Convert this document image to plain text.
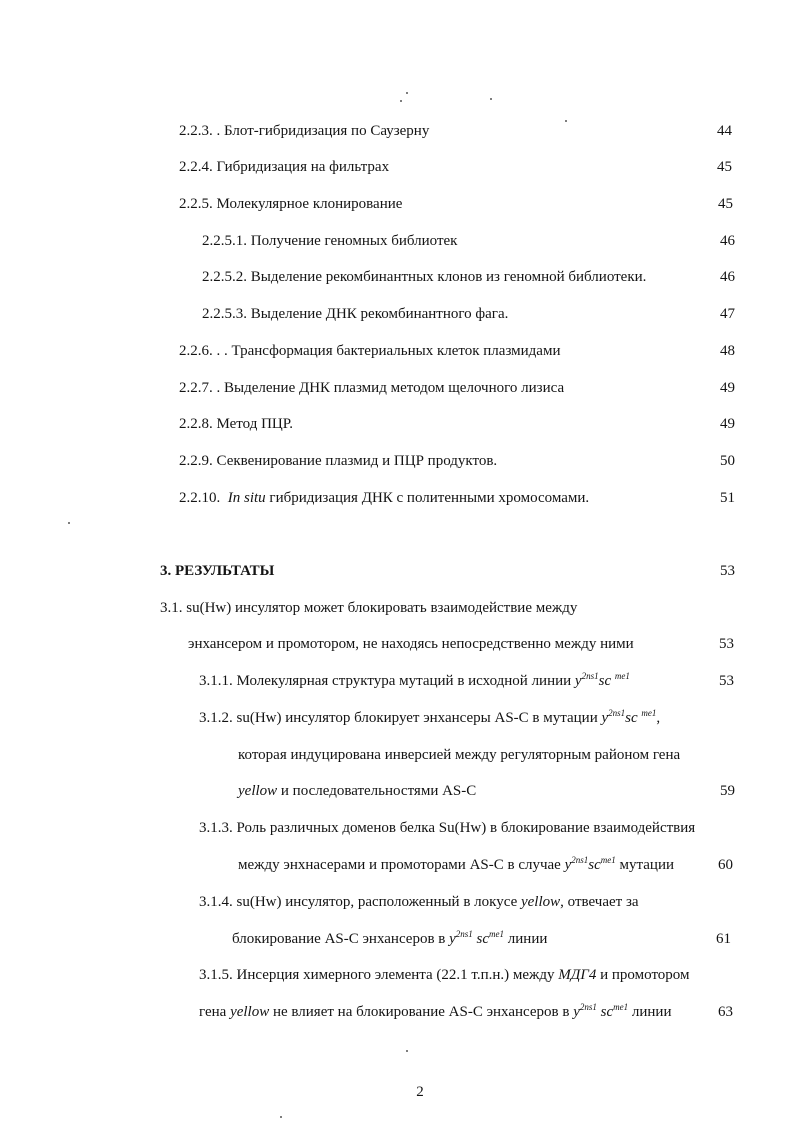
2.2.3. . Блот-гибридизация по Саузерну	44
2.2.4. Гибридизация на фильтрах	45
2.2.5. Молекулярное клонирование	45
2.2.5.1. Получение геномных библиотек	46
2.2.5.2. Выделение рекомбинантных клонов из геномной библиотеки.	46
2.2.5.3. Выделение ДНК рекомбинантного фага.	47
2.2.6. . . Трансформация бактериальных клеток плазмидами	48
2.2.7. . Выделение ДНК плазмид методом щелочного лизиса	49
2.2.8. Метод ПЦР.	49
2.2.9. Секвенирование плазмид и ПЦР продуктов.	50
2.2.10. In situ гибридизация ДНК с политенными хромосомами.	51
3. РЕЗУЛЬТАТЫ	53
3.1. su(Hw) инсулятор может блокировать взаимодействие между
энхансером и промотором, не находясь непосредственно между ними	53
3.1.1. Молекулярная структура мутаций в исходной линии $y^{2ns1}sc$ $^{me1}$	53
3.1.2. su(Hw) инсулятор блокирует энхансеры AS-C в мутации $y^{2ns1}sc$ $^{me1}$,
которая индуцирована инверсией между регуляторным районом гена
yellow и последовательностями AS-C	59
3.1.3. Роль различных доменов белка Su(Hw) в блокирование взаимодействия
между энхнасерами и промоторами AS-C в случае $y^{2ns1}sc^{me1}$ мутации	60
3.1.4. su(Hw) инсулятор, расположенный в локусе yellow, отвечает за
блокирование AS-C энхансеров в $y^{2ns1}$ $sc^{me1}$ линии	61
3.1.5. Инсерция химерного элемента (22.1 т.п.н.) между МДГ4 и промотором
гена yellow не влияет на блокирование AS-C энхансеров в $y^{2ns1}$ $sc^{me1}$ линии	63
2
